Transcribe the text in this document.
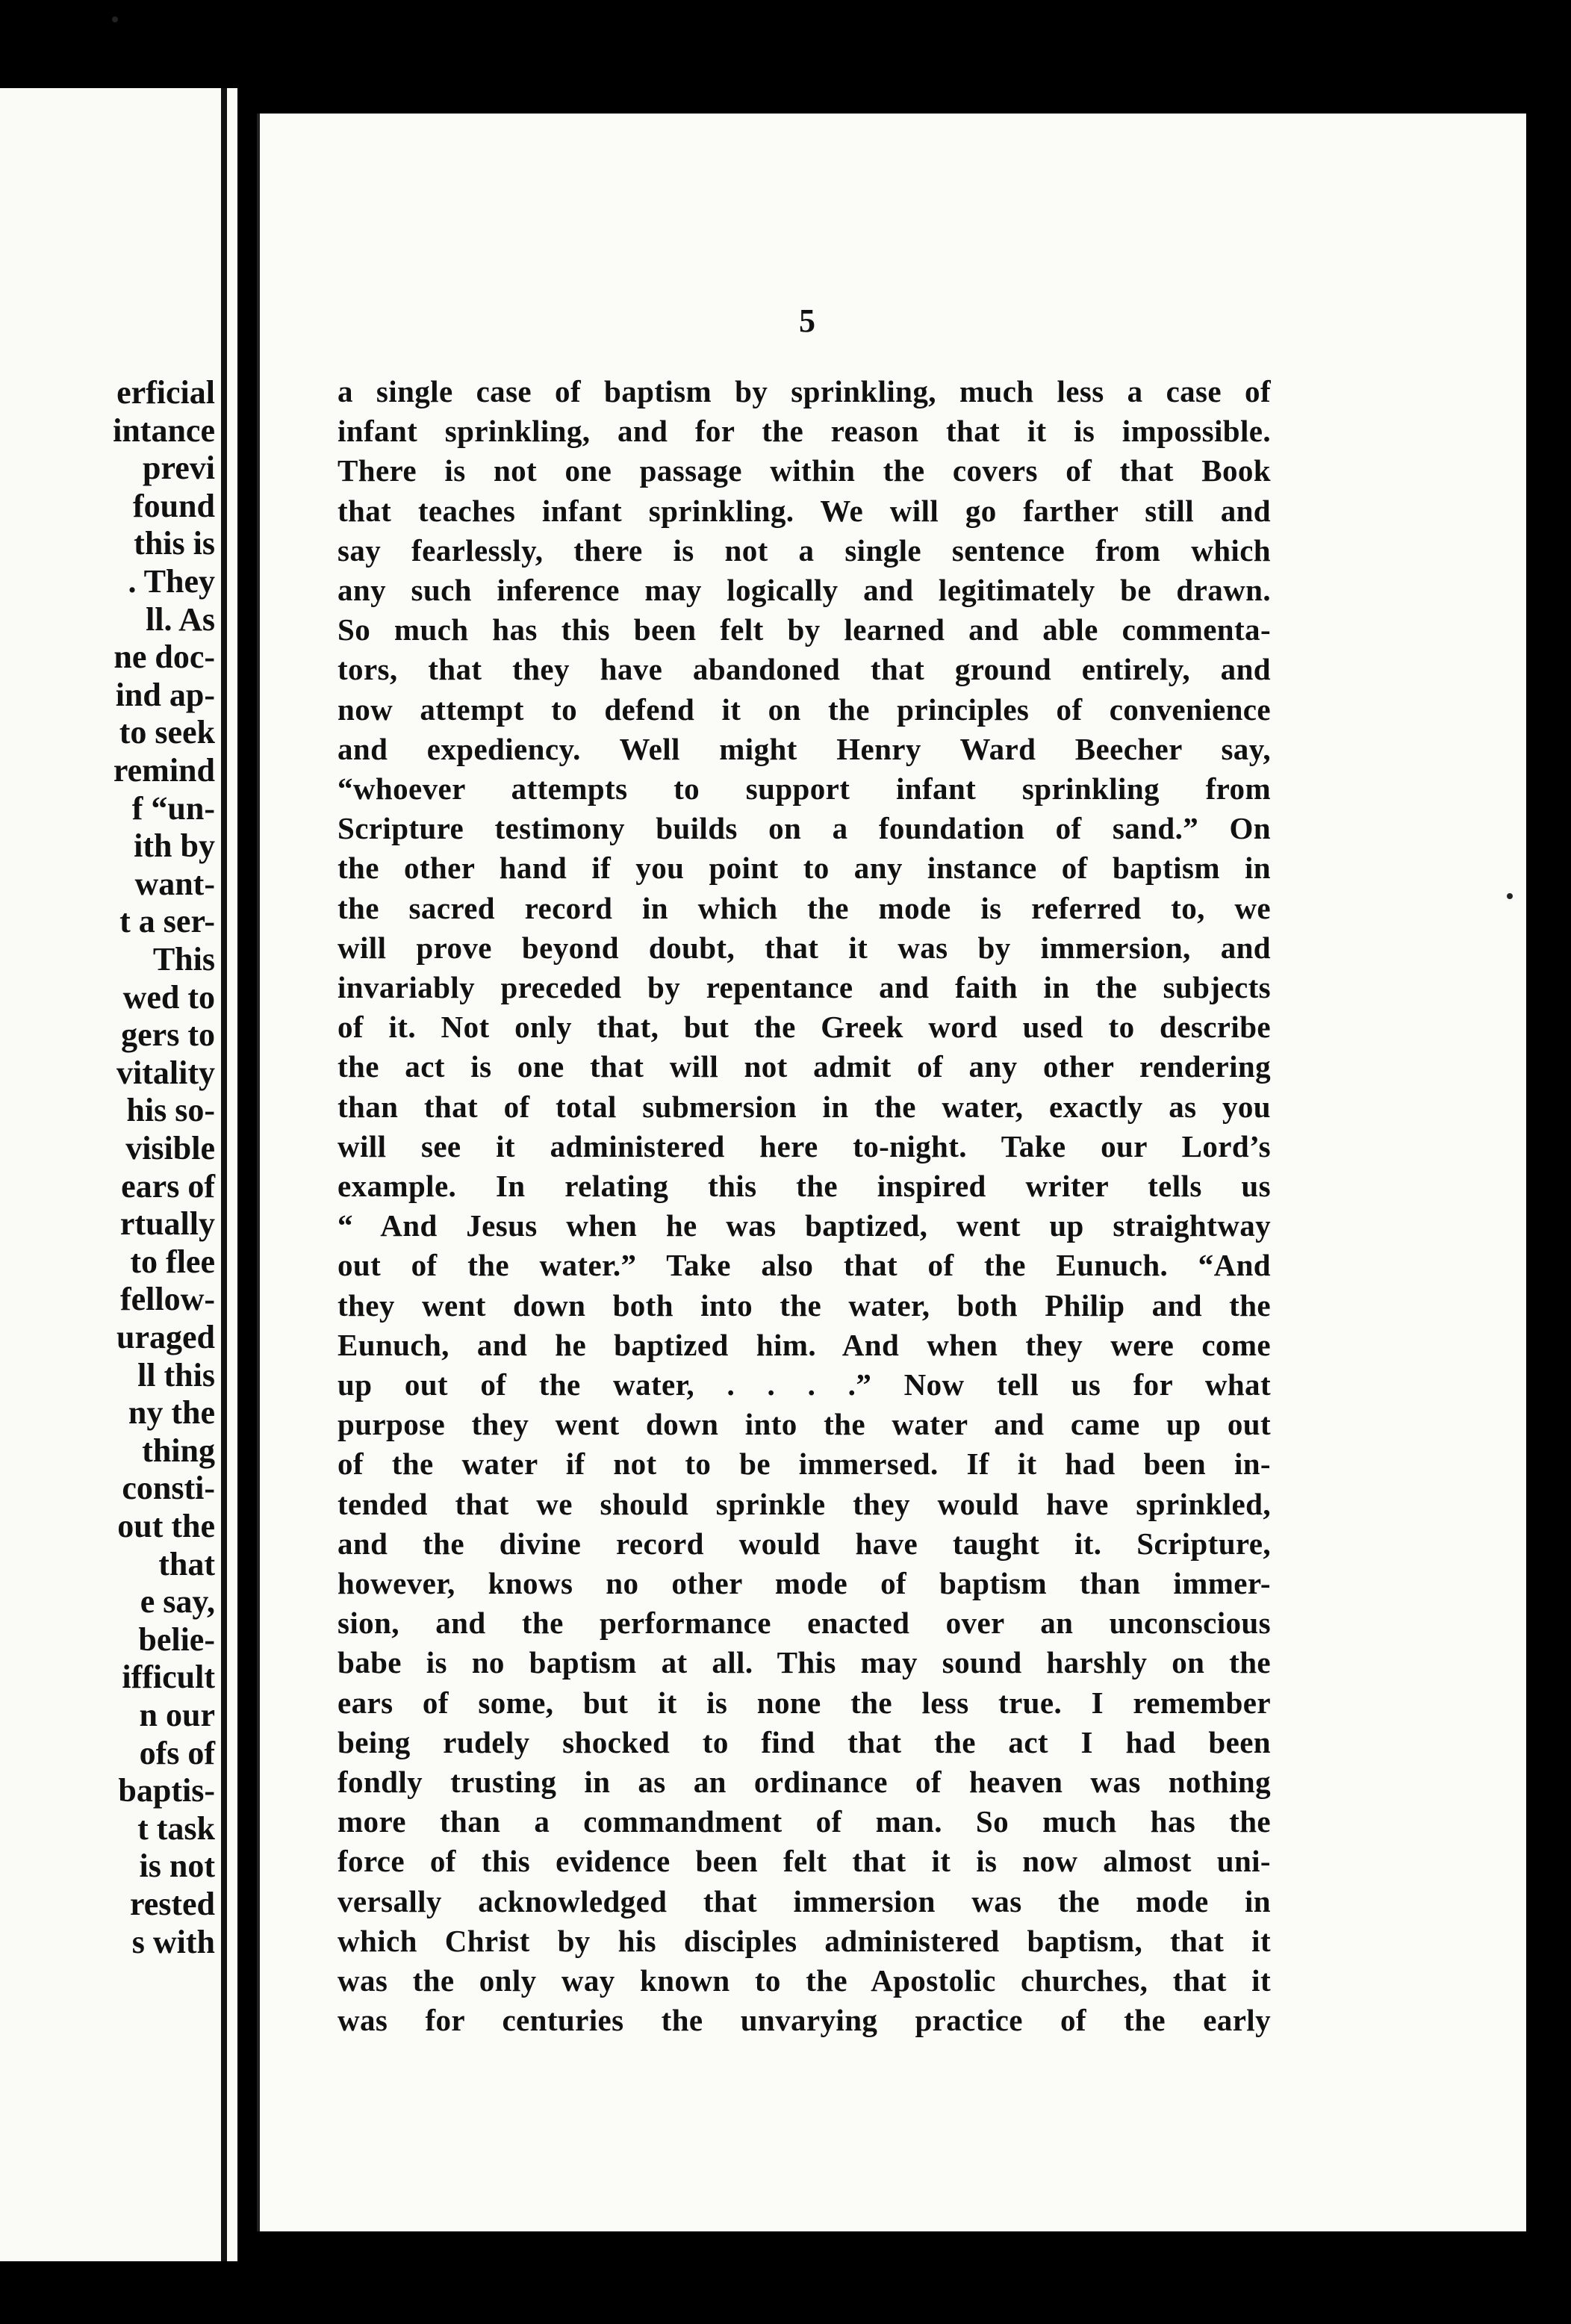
erficial
intance
previ
found
this is
. They
ll. As
ne doc-
ind ap-
to seek
remind
f “un-
ith by
want-
t a ser-
This
wed to
gers to
vitality
his so-
visible
ears of
rtually
to flee
fellow-
uraged
ll this
ny the
thing
consti-
out the
that
e say,
belie-
ifficult
n our
ofs of
baptis-
t task
is not
rested
s with
5
a single case of baptism by sprinkling, much less a case of
infant sprinkling, and for the reason that it is impossible.
There is not one passage within the covers of that Book
that teaches infant sprinkling. We will go farther still and
say fearlessly, there is not a single sentence from which
any such inference may logically and legitimately be drawn.
So much has this been felt by learned and able commenta-
tors, that they have abandoned that ground entirely, and
now attempt to defend it on the principles of convenience
and expediency. Well might Henry Ward Beecher say,
“whoever attempts to support infant sprinkling from
Scripture testimony builds on a foundation of sand.” On
the other hand if you point to any instance of baptism in
the sacred record in which the mode is referred to, we
will prove beyond doubt, that it was by immersion, and
invariably preceded by repentance and faith in the subjects
of it. Not only that, but the Greek word used to describe
the act is one that will not admit of any other rendering
than that of total submersion in the water, exactly as you
will see it administered here to-night. Take our Lord’s
example. In relating this the inspired writer tells us
“ And Jesus when he was baptized, went up straightway
out of the water.” Take also that of the Eunuch. “And
they went down both into the water, both Philip and the
Eunuch, and he baptized him. And when they were come
up out of the water, . . . .” Now tell us for what
purpose they went down into the water and came up out
of the water if not to be immersed. If it had been in-
tended that we should sprinkle they would have sprinkled,
and the divine record would have taught it. Scripture,
however, knows no other mode of baptism than immer-
sion, and the performance enacted over an unconscious
babe is no baptism at all. This may sound harshly on the
ears of some, but it is none the less true. I remember
being rudely shocked to find that the act I had been
fondly trusting in as an ordinance of heaven was nothing
more than a commandment of man. So much has the
force of this evidence been felt that it is now almost uni-
versally acknowledged that immersion was the mode in
which Christ by his disciples administered baptism, that it
was the only way known to the Apostolic churches, that it
was for centuries the unvarying practice of the early
